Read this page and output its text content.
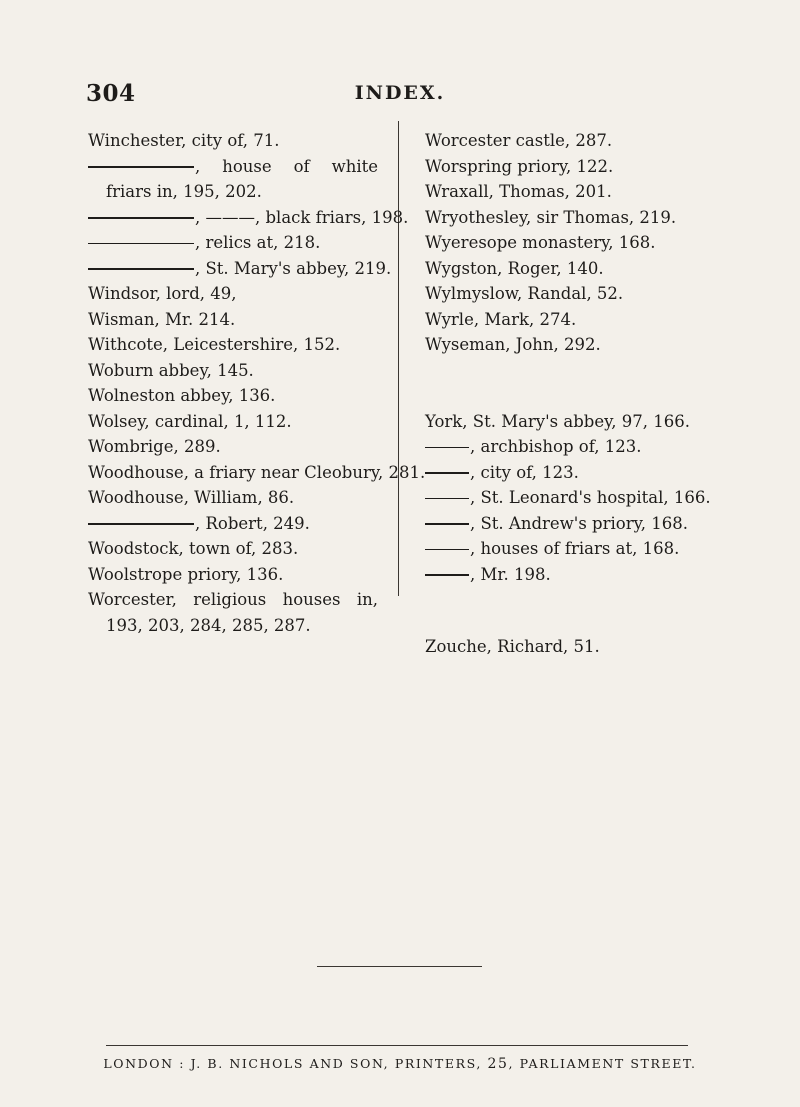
304	INDEX.
Winchester, city of, 71.
, house of white friars in, 195, 202.
, ———, black friars, 198.
, relics at, 218.
, St. Mary's abbey, 219.
Windsor, lord, 49,
Wisman, Mr. 214.
Withcote, Leicestershire, 152.
Woburn abbey, 145.
Wolneston abbey, 136.
Wolsey, cardinal, 1, 112.
Wombrige, 289.
Woodhouse, a friary near Cleobury, 281.
Woodhouse, William, 86.
, Robert, 249.
Woodstock, town of, 283.
Woolstrope priory, 136.
Worcester, religious houses in, 193, 203, 284, 285, 287.
Worcester castle, 287.
Worspring priory, 122.
Wraxall, Thomas, 201.
Wryothesley, sir Thomas, 219.
Wyeresope monastery, 168.
Wygston, Roger, 140.
Wylmyslow, Randal, 52.
Wyrle, Mark, 274.
Wyseman, John, 292.
York, St. Mary's abbey, 97, 166.
, archbishop of, 123.
, city of, 123.
, St. Leonard's hospital, 166.
, St. Andrew's priory, 168.
, houses of friars at, 168.
, Mr. 198.
Zouche, Richard, 51.
LONDON : J. B. NICHOLS AND SON, PRINTERS, 25, PARLIAMENT STREET.
